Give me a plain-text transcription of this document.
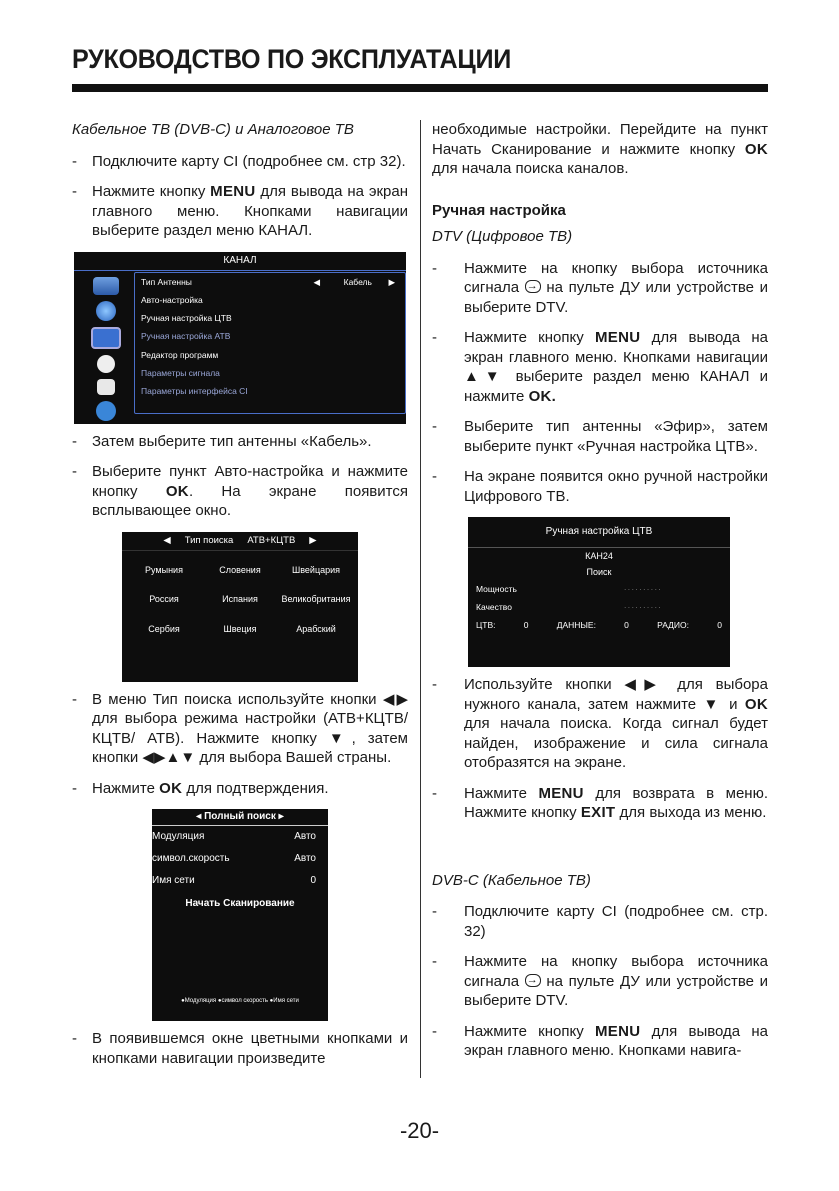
РУКОВОДСТВО ПО ЭКСПЛУАТАЦИИ

Кабельное ТВ (DVB-C) и Аналоговое ТВ

- Подключите карту CI (подробнее см. стр 32).

- Нажмите кнопку MENU для вывода на экран главного меню. Кнопками навигации выберите раздел меню КАНАЛ.

КАНАЛ
Тип Антенны	◀          Кабель       ▶
Авто-настройка
Ручная настройка ЦТВ
Ручная настройка АТВ
Редактор программ
Параметры сигнала
Параметры интерфейса CI

- Затем выберите тип антенны «Кабель».

- Выберите пункт Авто-настройка и нажмите кнопку OK. На экране появится всплывающее окно.

◀ Тип поиска АТВ+КЦТВ ▶
Румыния	Словения	Швейцария
Россия	Испания	Великобритания
Сербия	Швеция	Арабский

- В меню Тип поиска используйте кнопки ◀▶ для выбора режима настройки (АТВ+КЦТВ/ КЦТВ/ АТВ). Нажмите кнопку ▼, затем кнопки ◀▶▲▼ для выбора Вашей страны.

- Нажмите OK для подтверждения.

◂ Полный поиск ▸
Модуляция	Авто
символ.скорость	Авто
Имя сети	0
Начать Сканирование
●Модуляция ●символ скорость ●Имя сети

- В появившемся окне цветными кнопками и кнопками навигации произведите

необходимые настройки. Перейдите на пункт Начать Сканирование и нажмите кнопку OK для начала поиска каналов.

Ручная настройка

DTV (Цифровое ТВ)

- Нажмите на кнопку выбора источника сигнала → на пульте ДУ или устройстве и выберите DTV.

- Нажмите кнопку MENU для вывода на экран главного меню. Кнопками навигации ▲▼ выберите раздел меню КАНАЛ и нажмите OK.

- Выберите тип антенны «Эфир», затем выберите пункт «Ручная настройка ЦТВ».

- На экране появится окно ручной настройки Цифрового ТВ.

Ручная настройка ЦТВ
КАН24
Поиск
Мощность	··········
Качество	··········
ЦТВ:	0	ДАННЫЕ:	0	РАДИО:	0

- Используйте кнопки ◀▶ для выбора нужного канала, затем нажмите ▼ и OK для начала поиска. Когда сигнал будет найден, изображение и сила сигнала отобразятся на экране.

- Нажмите MENU для возврата в меню. Нажмите кнопку EXIT для выхода из меню.

DVB-C (Кабельное ТВ)

- Подключите карту CI (подробнее см. стр. 32)

- Нажмите на кнопку выбора источника сигнала → на пульте ДУ или устройстве и выберите DTV.

- Нажмите кнопку MENU для вывода на экран главного меню. Кнопками навига-

-20-
